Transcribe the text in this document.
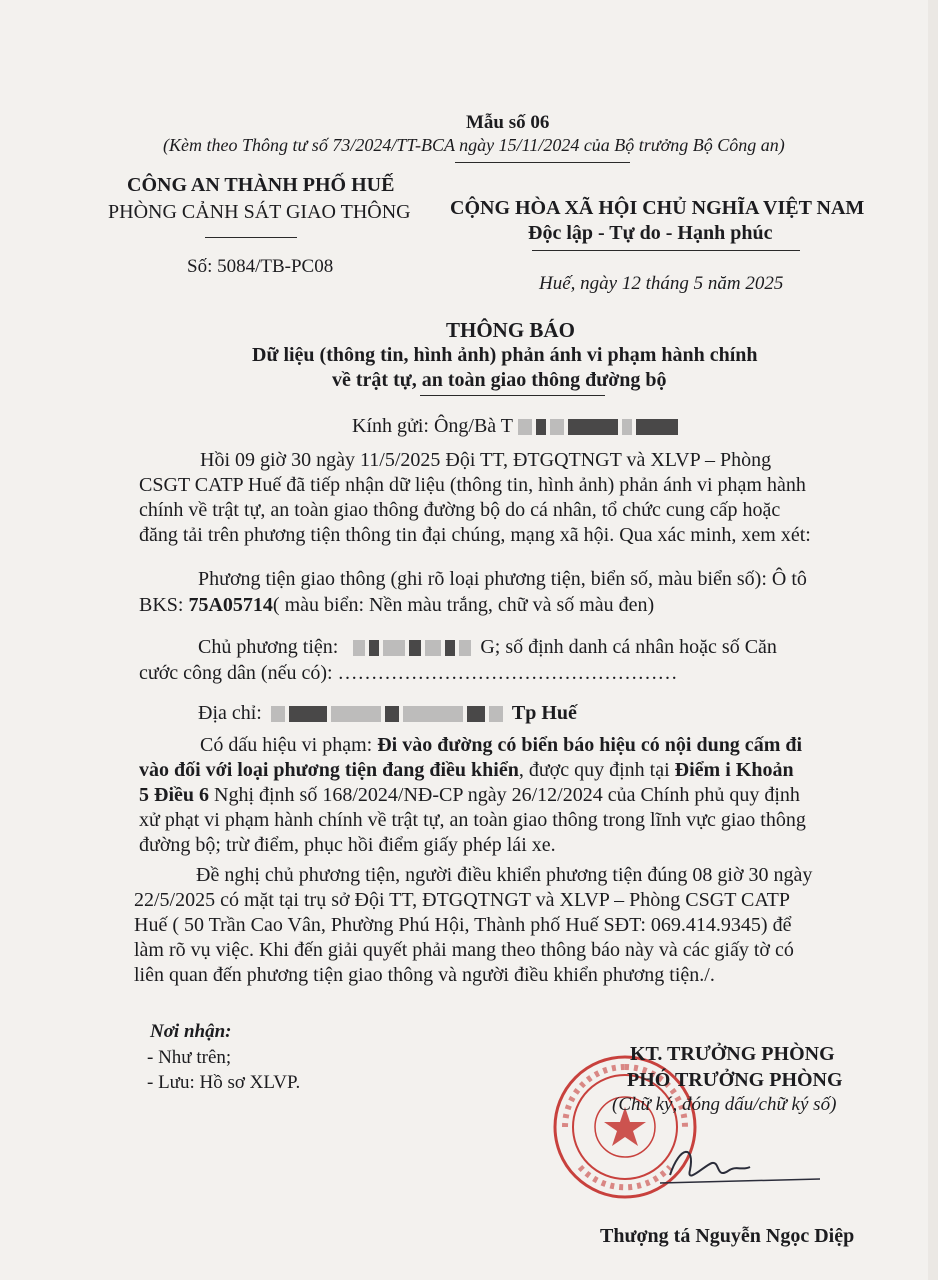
Mẫu số 06
(Kèm theo Thông tư số 73/2024/TT-BCA ngày 15/11/2024 của Bộ trưởng Bộ Công an)
CÔNG AN THÀNH PHỐ HUẾ
PHÒNG CẢNH SÁT GIAO THÔNG
Số: 5084/TB-PC08
CỘNG HÒA XÃ HỘI CHỦ NGHĨA VIỆT NAM
Độc lập - Tự do - Hạnh phúc
Huế, ngày 12 tháng 5 năm 2025
THÔNG BÁO
Dữ liệu (thông tin, hình ảnh) phản ánh vi phạm hành chính
về trật tự, an toàn giao thông đường bộ
Kính gửi: Ông/Bà T
Hồi 09 giờ 30 ngày 11/5/2025 Đội TT, ĐTGQTNGT và XLVP – Phòng
CSGT CATP Huế đã tiếp nhận dữ liệu (thông tin, hình ảnh) phản ánh vi phạm hành
chính về trật tự, an toàn giao thông đường bộ do cá nhân, tổ chức cung cấp hoặc
đăng tải trên phương tiện thông tin đại chúng, mạng xã hội. Qua xác minh, xem xét:
Phương tiện giao thông (ghi rõ loại phương tiện, biển số, màu biển số): Ô tô
BKS: 75A05714( màu biển: Nền màu trắng, chữ và số màu đen)
Chủ phương tiện:	G; số định danh cá nhân hoặc số Căn
cước công dân (nếu có): ……………………………………………
Địa chỉ:	Tp Huế
Có dấu hiệu vi phạm: Đi vào đường có biển báo hiệu có nội dung cấm đi
vào đối với loại phương tiện đang điều khiển, được quy định tại Điểm i Khoản
5 Điều 6 Nghị định số 168/2024/NĐ-CP ngày 26/12/2024 của Chính phủ quy định
xử phạt vi phạm hành chính về trật tự, an toàn giao thông trong lĩnh vực giao thông
đường bộ; trừ điểm, phục hồi điểm giấy phép lái xe.
Đề nghị chủ phương tiện, người điều khiển phương tiện đúng 08 giờ 30 ngày
22/5/2025 có mặt tại trụ sở Đội TT, ĐTGQTNGT và XLVP – Phòng CSGT CATP
Huế ( 50 Trần Cao Vân, Phường Phú Hội, Thành phố Huế SĐT: 069.414.9345) để
làm rõ vụ việc. Khi đến giải quyết phải mang theo thông báo này và các giấy tờ có
liên quan đến phương tiện giao thông và người điều khiển phương tiện./.
Nơi nhận:
- Như trên;
- Lưu: Hồ sơ XLVP.
KT. TRƯỞNG PHÒNG
PHÓ TRƯỞNG PHÒNG
(Chữ ký, đóng dấu/chữ ký số)
Thượng tá Nguyễn Ngọc Diệp
